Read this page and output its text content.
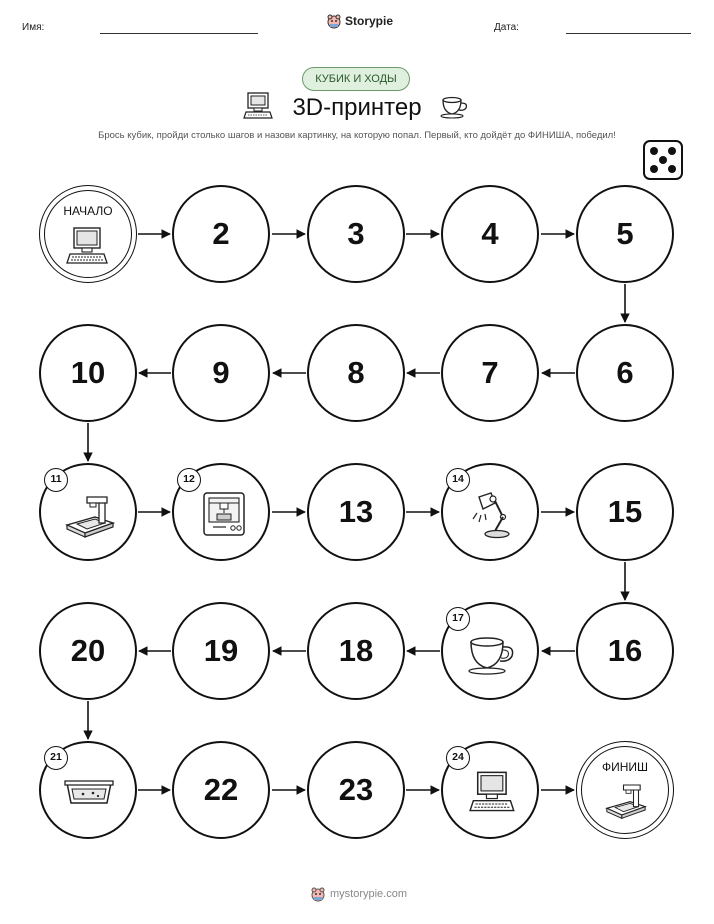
Имя:	Storypie	Дата:
КУБИК И ХОДЫ
3D-принтер
Брось кубик, пройди столько шагов и назови картинку, на которую попал. Первый, кто дойдёт до ФИНИША, победил!
НАЧАЛО
2	3	4	5
6
7
8
9
10
11	12
13
14
15
16
17
18
19
20
21
22	23
24
ФИНИШ
mystorypie.com
